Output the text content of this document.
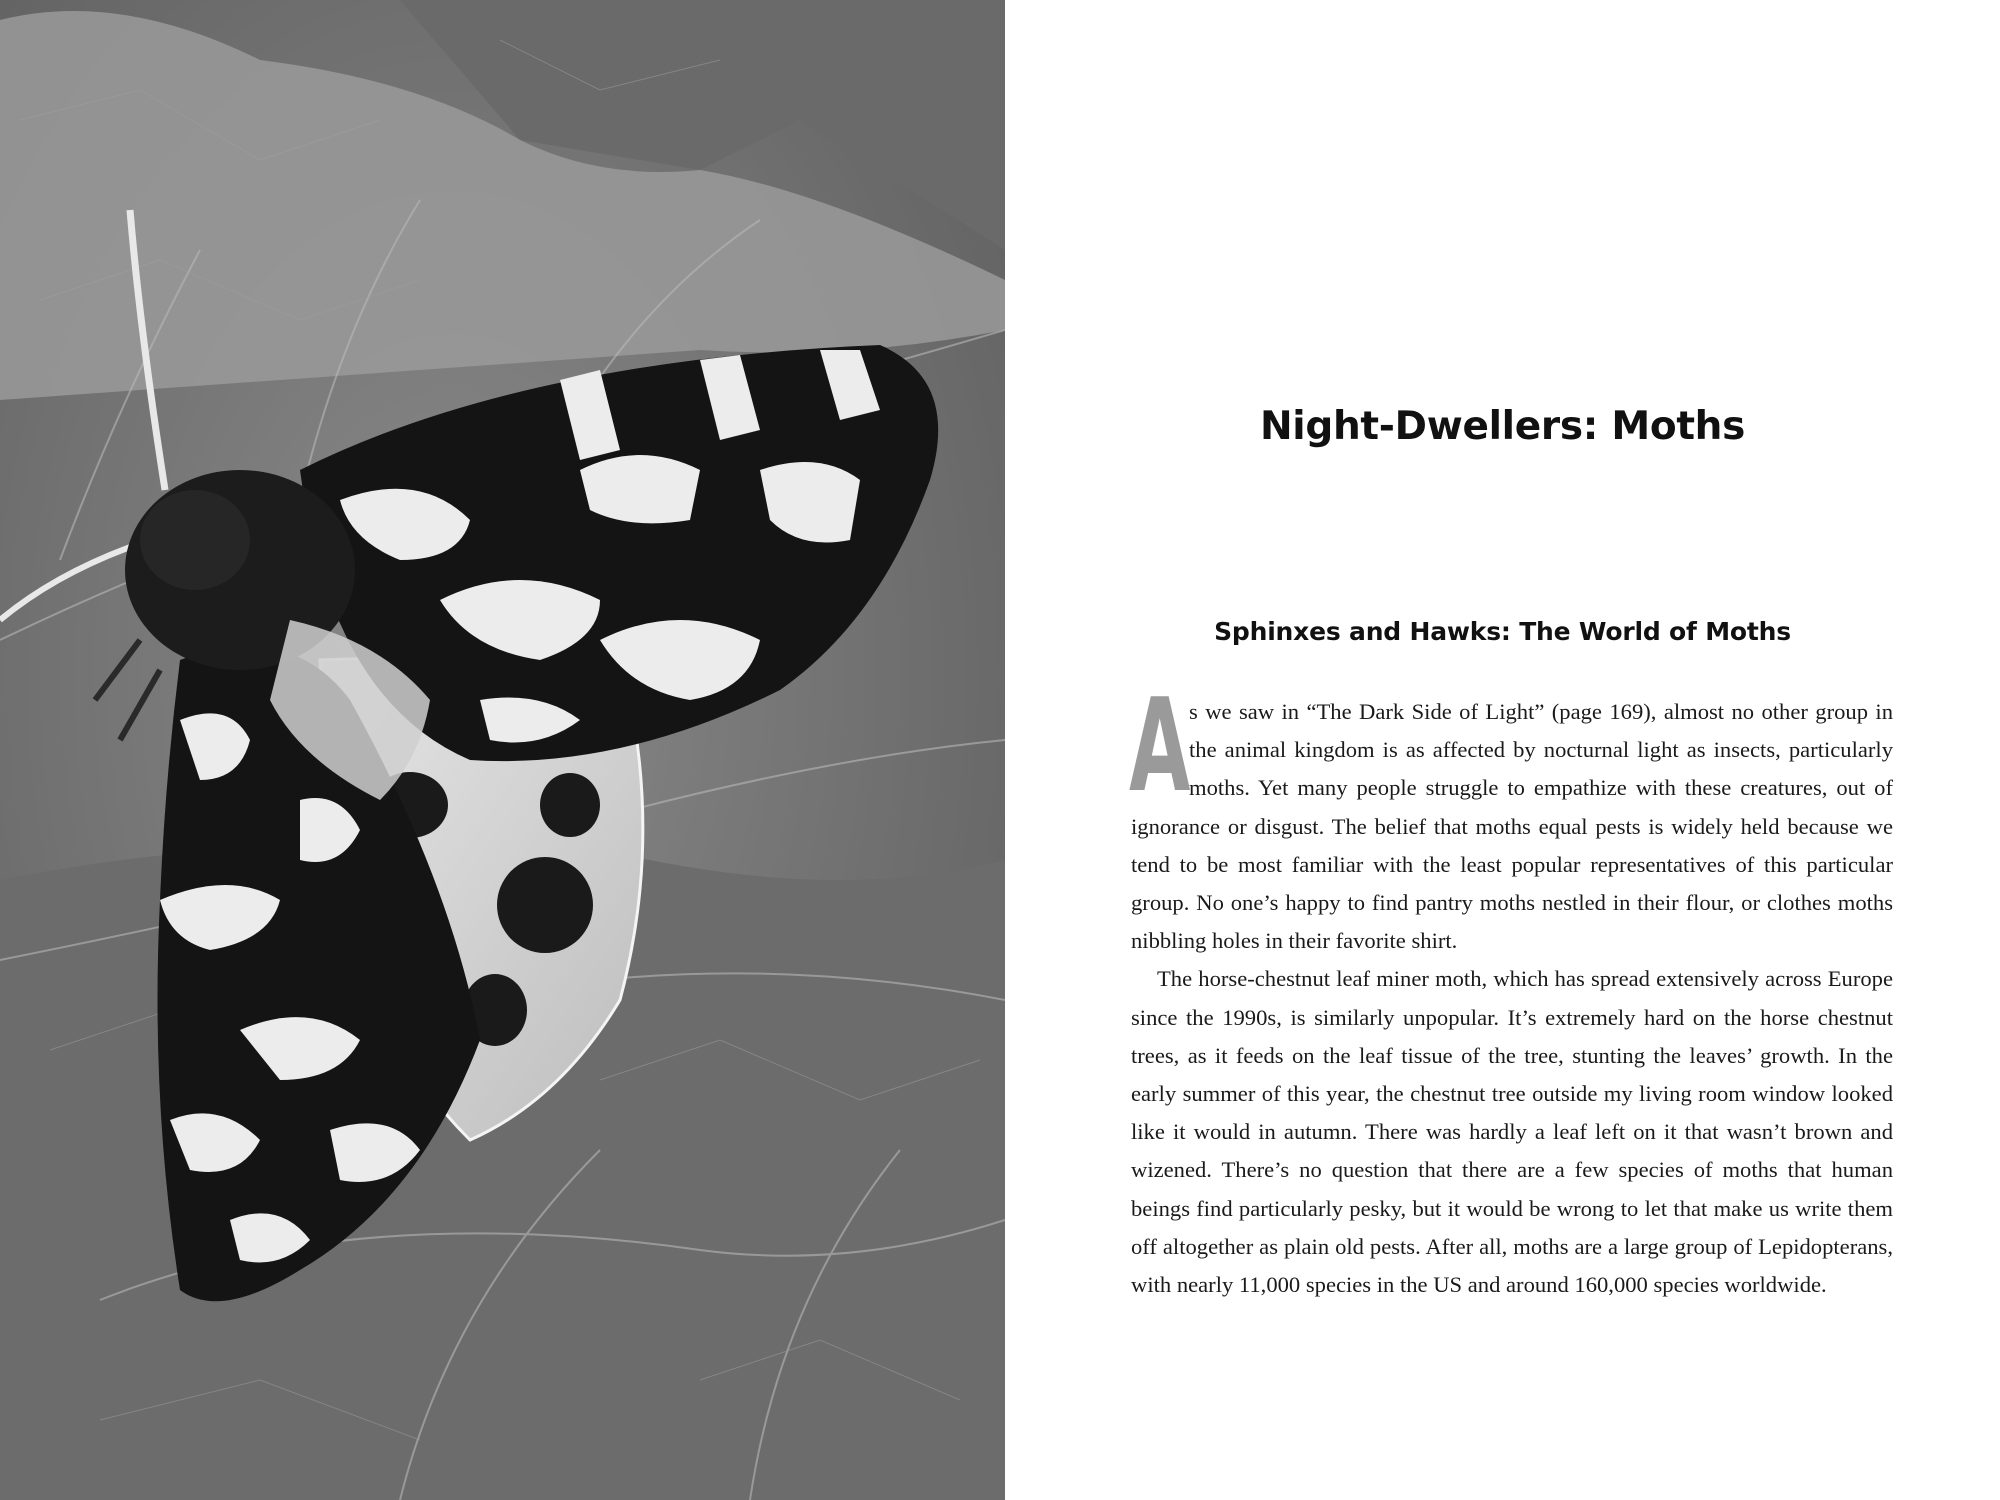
Night-Dwellers: Moths
Sphinxes and Hawks: The World of Moths

A
s we saw in “The Dark Side of Light” (page 169), almost no other group in the animal kingdom is as affected by nocturnal light as insects, particularly moths. Yet many people struggle to empathize with these creatures, out of ignorance or disgust. The belief that moths equal pests is widely held because we tend to be most familiar with the least popular representatives of this particular group. No one’s happy to find pantry moths nestled in their flour, or clothes moths nibbling holes in their favorite shirt.

The horse-chestnut leaf miner moth, which has spread extensively across Europe since the 1990s, is similarly unpopular. It’s extremely hard on the horse chestnut trees, as it feeds on the leaf tissue of the tree, stunting the leaves’ growth. In the early summer of this year, the chestnut tree outside my living room window looked like it would in autumn. There was hardly a leaf left on it that wasn’t brown and wizened. There’s no question that there are a few species of moths that human beings find particularly pesky, but it would be wrong to let that make us write them off altogether as plain old pests. After all, moths are a large group of Lepidopterans, with nearly 11,000 species in the US and around 160,000 species worldwide.
